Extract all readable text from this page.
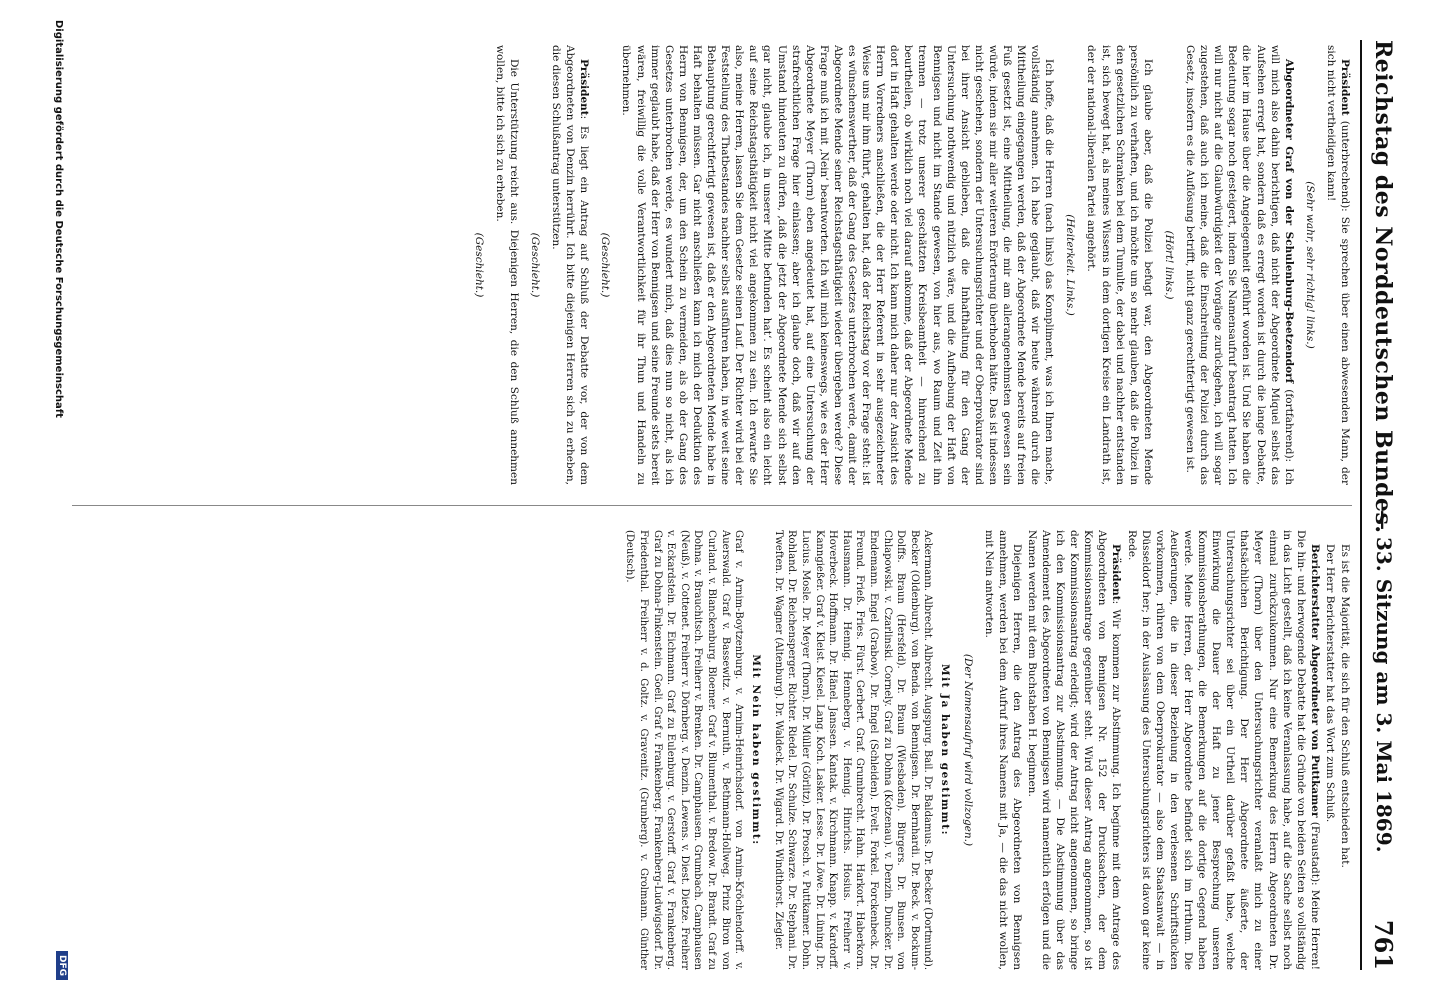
Reichstag des Norddeutschen Bundes.
— 33. Sitzung am 3. Mai 1869.
761

Präsident (unterbrechend): Sie sprechen über einen abwesenden Mann, der sich nicht vertheidigen kann!

(Sehr wahr, sehr richtig! links.)

Abgeordneter Graf von der Schulenburg-Beetzendorf (fortfahrend): Ich will mich also dahin berichtigen, daß nicht der Abgeordnete Miquel selbst das Aufsehen erregt hat, sondern daß es erregt worden ist durch die lange Debatte, die hier im Hause über die Angelegenheit geführt worden ist. Und Sie haben die Bedeutung sogar noch gesteigert, indem Sie Namensaufruf beantragt hatten. Ich will nur nicht auf die Glaubwürdigkeit der Vorgänge zurückgehen, ich will sogar zugestehen, daß auch ich meine, daß die Einschreitung der Polizei durch das Gesetz, insofern es die Auflösung betrifft, nicht ganz gerechtfertigt gewesen ist.

(Hört! links.)

Ich glaube aber, daß die Polizei befugt war, den Abgeordneten Mende persönlich zu verhaften, und ich möchte um so mehr glauben, daß die Polizei in den gesetzlichen Schranken bei dem Tumulte, der dabei und nachher entstanden ist, sich bewegt hat, als meines Wissens in dem dortigen Kreise ein Landrath ist, der der national-liberalen Partei angehört.

(Heiterkeit. Links.)

Ich hoffe, daß die Herren (nach links) das Kompliment, was ich Ihnen mache, vollständig annehmen. Ich habe geglaubt, daß wir heute während durch die Mittheilung eingegangen werden, daß der Abgeordnete Mende bereits auf freien Fuß gesetzt ist, eine Mittheilung, die mir am allerangenehmsten gewesen sein würde, indem sie mir aller weiteren Erörterung überhoben hätte. Das ist indessen nicht geschehen, sondern der Untersuchungsrichter und der Oberprokurator sind bei ihrer Ansicht geblieben, daß die Inhafthaltung für den Gang der Untersuchung nothwendig und nützlich wäre, und die Aufhebung der Haft von Bennigsen und nicht im Stande gewesen, von hier aus, wo Raum und Zeit ihn trennen — trotz unserer geschätzten Kreisbeamtheit — hinreichend zu beurtheilen, ob wirklich noch viel darauf ankomme, daß der Abgeordnete Mende dort in Haft gehalten werde oder nicht. Ich kann mich daher nur der Ansicht des Herrn Vorredners anschließen, die der Herr Referent in sehr ausgezeichneter Weise uns mir ihm führt, gehalten hat, daß der Reichstag vor der Frage steht: ist es wünschenswerther, daß der Gang des Gesetzes unterbrochen werde, damit der Abgeordnete Mende seiner Reichstagsthätigkeit wieder übergeben werde? Diese Frage muß ich mit ‚Nein‘ beantworten. Ich will mich keineswegs, wie es der Herr Abgeordnete Meyer (Thorn) eben angedeutet hat, auf eine Untersuchung der strafrechtlichen Frage hier einlassen; aber ich glaube doch, daß wir auf den Umstand hindeuten zu dürfen, ‚daß die jetzt der Abgeordnete Mende sich selbst gar nicht, glaube ich, in unserer Mitte befunden hat‘. Es scheint also ein leicht auf seine Reichstagsthätigkeit nicht viel angekommen zu sein. Ich erwarte Sie also, meine Herren, lassen Sie dem Gesetze seinen Lauf. Der Richter wird bei der Feststellung des Thatbestandes nachher selbst ausführen haben, in wie weit seine Behauptung gerechtfertigt gewesen ist, daß er den Abgeordneten Mende habe in Haft behalten müssen. Gar nicht anschließen kann ich mich der Deduktion des Herrn von Bennigsen, der, um den Schein zu vermeiden, als ob der Gang des Gesetzes unterbrochen werde, es wundert mich, daß dies nun so nicht, als ich immer geglaubt habe, daß der Herr von Bennigsen und seine Freunde stets bereit wären, freiwillig die volle Verantwortlichkeit für ihr Thun und Handeln zu übernehmen.

(Geschieht.)

Präsident: Es liegt ein Antrag auf Schluß der Debatte vor, der von dem Abgeordneten von Denzin herrührt. Ich bitte diejenigen Herren sich zu erheben, die diesen Schlußantrag unterstützen.

(Geschieht.)

Die Unterstützung reicht aus. Diejenigen Herren, die den Schluß annehmen wollen, bitte ich sich zu erheben.

(Geschieht.)

Es ist die Majorität, die sich für den Schluß entschieden hat.

Der Herr Berichterstatter hat das Wort zum Schluß.

Berichterstatter Abgeordneter von Puttkamer (Fraustadt): Meine Herren! Die hin- und herwogende Debatte hat die Gründe von beiden Seiten so vollständig in das Licht gestellt, daß ich keine Veranlassung habe, auf die Sache selbst noch einmal zurückzukommen. Nur eine Bemerkung des Herrn Abgeordneten Dr. Meyer (Thorn) über den Untersuchungsrichter veranlaßt mich zu einer thatsächlichen Berichtigung. Der Herr Abgeordnete äußerte, der Untersuchungsrichter sei über ein Urtheil darüber gefaßt habe, welche Einwirkung die Dauer der Haft zu jener Besprechung unseren Kommissionsberathungen, die Bemerkungen auf die dortige Gegend haben werde. Meine Herren, der Herr Abgeordnete befindet sich im Irrthum. Die Aeußerungen, die in dieser Beziehung in den verlesenen Schriftstücken vorkommen, rühren von dem Oberprokurator — also dem Staatsanwalt — in Düsseldorf her; in der Auslassung des Untersuchungsrichters ist davon gar keine Rede.

Präsident: Wir kommen zur Abstimmung. Ich beginne mit dem Antrage des Abgeordneten von Bennigsen Nr. 152 der Drucksachen, der dem Kommissionsantrage gegenüber steht. Wird dieser Antrag angenommen, so ist der Kommissionsantrag erledigt; wird der Antrag nicht angenommen, so bringe ich den Kommissionsantrag zur Abstimmung. — Die Abstimmung über das Amendement des Abgeordneten von Bennigsen wird namentlich erfolgen und die Namen werden mit dem Buchstaben H. beginnen.

Diejenigen Herren, die den Antrag des Abgeordneten von Bennigsen annehmen, werden bei dem Aufruf ihres Namens mit Ja, — die das nicht wollen, mit Nein antworten.

(Der Namensaufruf wird vollzogen.)

Mit Ja haben gestimmt:

Ackermann. Albrecht. Albrecht. Augspurg. Bail. Dr. Baldamus. Dr. Becker (Dortmund). Becker (Oldenburg). von Benda. von Bennigsen. Dr. Bernhardi. Dr. Beck. v. Bockum-Dolffs. Braun (Hersfeld). Dr. Braun (Wiesbaden). Bürgers. Dr. Bunsen. von Chlapowski. v. Czarlinski. Cornely. Graf zu Dohna (Kotzenau). v. Denzin. Duncker. Dr. Endemann. Engel (Grabow). Dr. Engel (Schleiden). Evelt. Forkel. Forckenbeck. Dr. Freund. Frieß. Fries. Fürst. Gerbert. Graf. Grumbrecht. Hahn. Harkort. Haberkorn. Hausmann. Dr. Hennig. Henneberg. v. Hennig. Hinrichs. Hosius. Freiherr v. Hoverbeck. Hoffmann. Dr. Hänel. Janssen. Kantak. v. Kirchmann. Knapp. v. Kardorff. Kanngießer. Graf v. Kleist. Kiesel. Lang. Koch. Lasker. Lesse. Dr. Löwe. Dr. Lüning. Dr. Lucius. Mosle. Dr. Meyer (Thorn). Dr. Müller (Görlitz). Dr. Prosch. v. Puttkamer. Dohn. Rohland. Dr. Reichensperger. Richter. Riedel. Dr. Schulze. Schwarze. Dr. Stephani. Dr. Tweften. Dr. Wagner (Altenburg). Dr. Waldeck. Dr. Wigard. Dr. Windthorst. Ziegler.

Mit Nein haben gestimmt:

Graf v. Arnim-Boytzenburg. v. Arnim-Heinrichsdorf. von Arnim-Kröchlendorff. v. Auerswald. Graf v. Bassewitz. v. Bernuth. v. Bethmann-Hollweg. Prinz Biron von Curland. v. Blanckenburg. Bloemer. Graf v. Blumenthal. v. Bredow. Dr. Brandt. Graf zu Dohna. v. Brauchitsch. Freiherr v. Brenken. Dr. Camphausen. Grumbach. Camphausen (Neuß). v. Cottenet. Freiherr v. Dörnberg. v. Denzin. Lewens. v. Diest. Dietze. Freiherr v. Eckardstein. Dr. Eichmann. Graf zu Eulenburg. v. Gerstorff. Graf v. Frankenberg. Graf zu Dohna-Finkenstein. Goeli. Graf v. Frankenberg. Frankenberg-Ludwigsdorf. Dr. Friedenthal. Freiherr v. d. Goltz. v. Gravenitz. (Grunberg). v. Grolmann. Günther (Deutsch).

Digitalisierung gefördert durch die Deutsche Forschungsgemeinschaft
DFG
